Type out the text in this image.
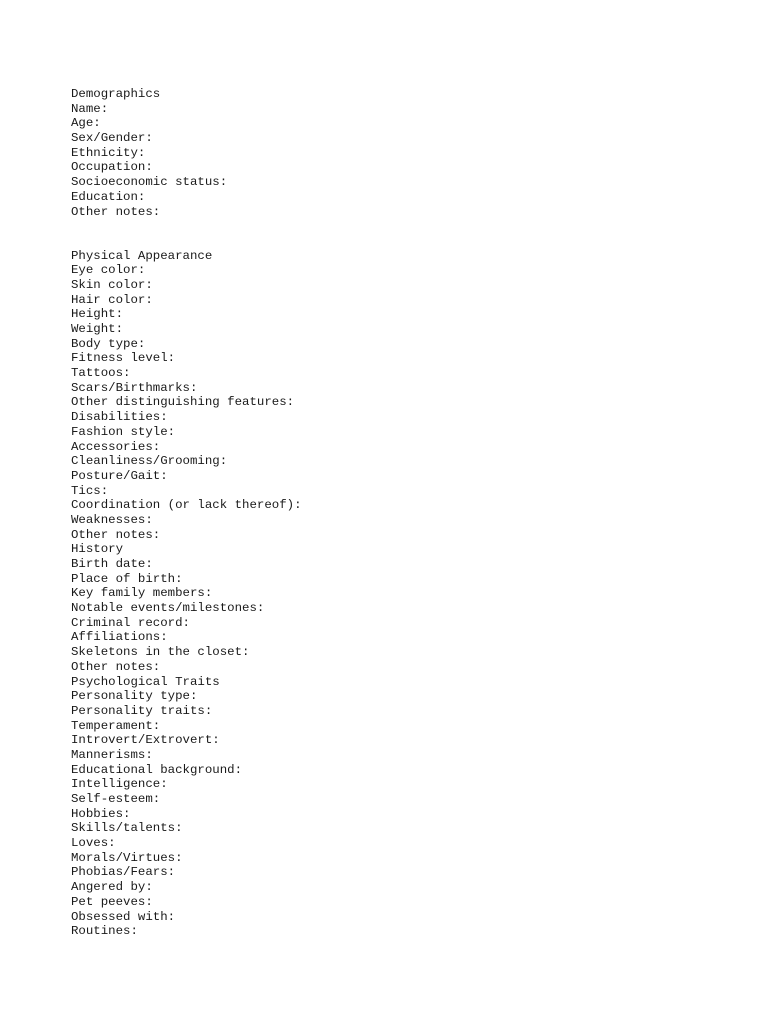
Demographics
Name:
Age:
Sex/Gender:
Ethnicity:
Occupation:
Socioeconomic status:
Education:
Other notes:
Physical Appearance
Eye color:
Skin color:
Hair color:
Height:
Weight:
Body type:
Fitness level:
Tattoos:
Scars/Birthmarks:
Other distinguishing features:
Disabilities:
Fashion style:
Accessories:
Cleanliness/Grooming:
Posture/Gait:
Tics:
Coordination (or lack thereof):
Weaknesses:
Other notes:
History
Birth date:
Place of birth:
Key family members:
Notable events/milestones:
Criminal record:
Affiliations:
Skeletons in the closet:
Other notes:
Psychological Traits
Personality type:
Personality traits:
Temperament:
Introvert/Extrovert:
Mannerisms:
Educational background:
Intelligence:
Self-esteem:
Hobbies:
Skills/talents:
Loves:
Morals/Virtues:
Phobias/Fears:
Angered by:
Pet peeves:
Obsessed with:
Routines:
